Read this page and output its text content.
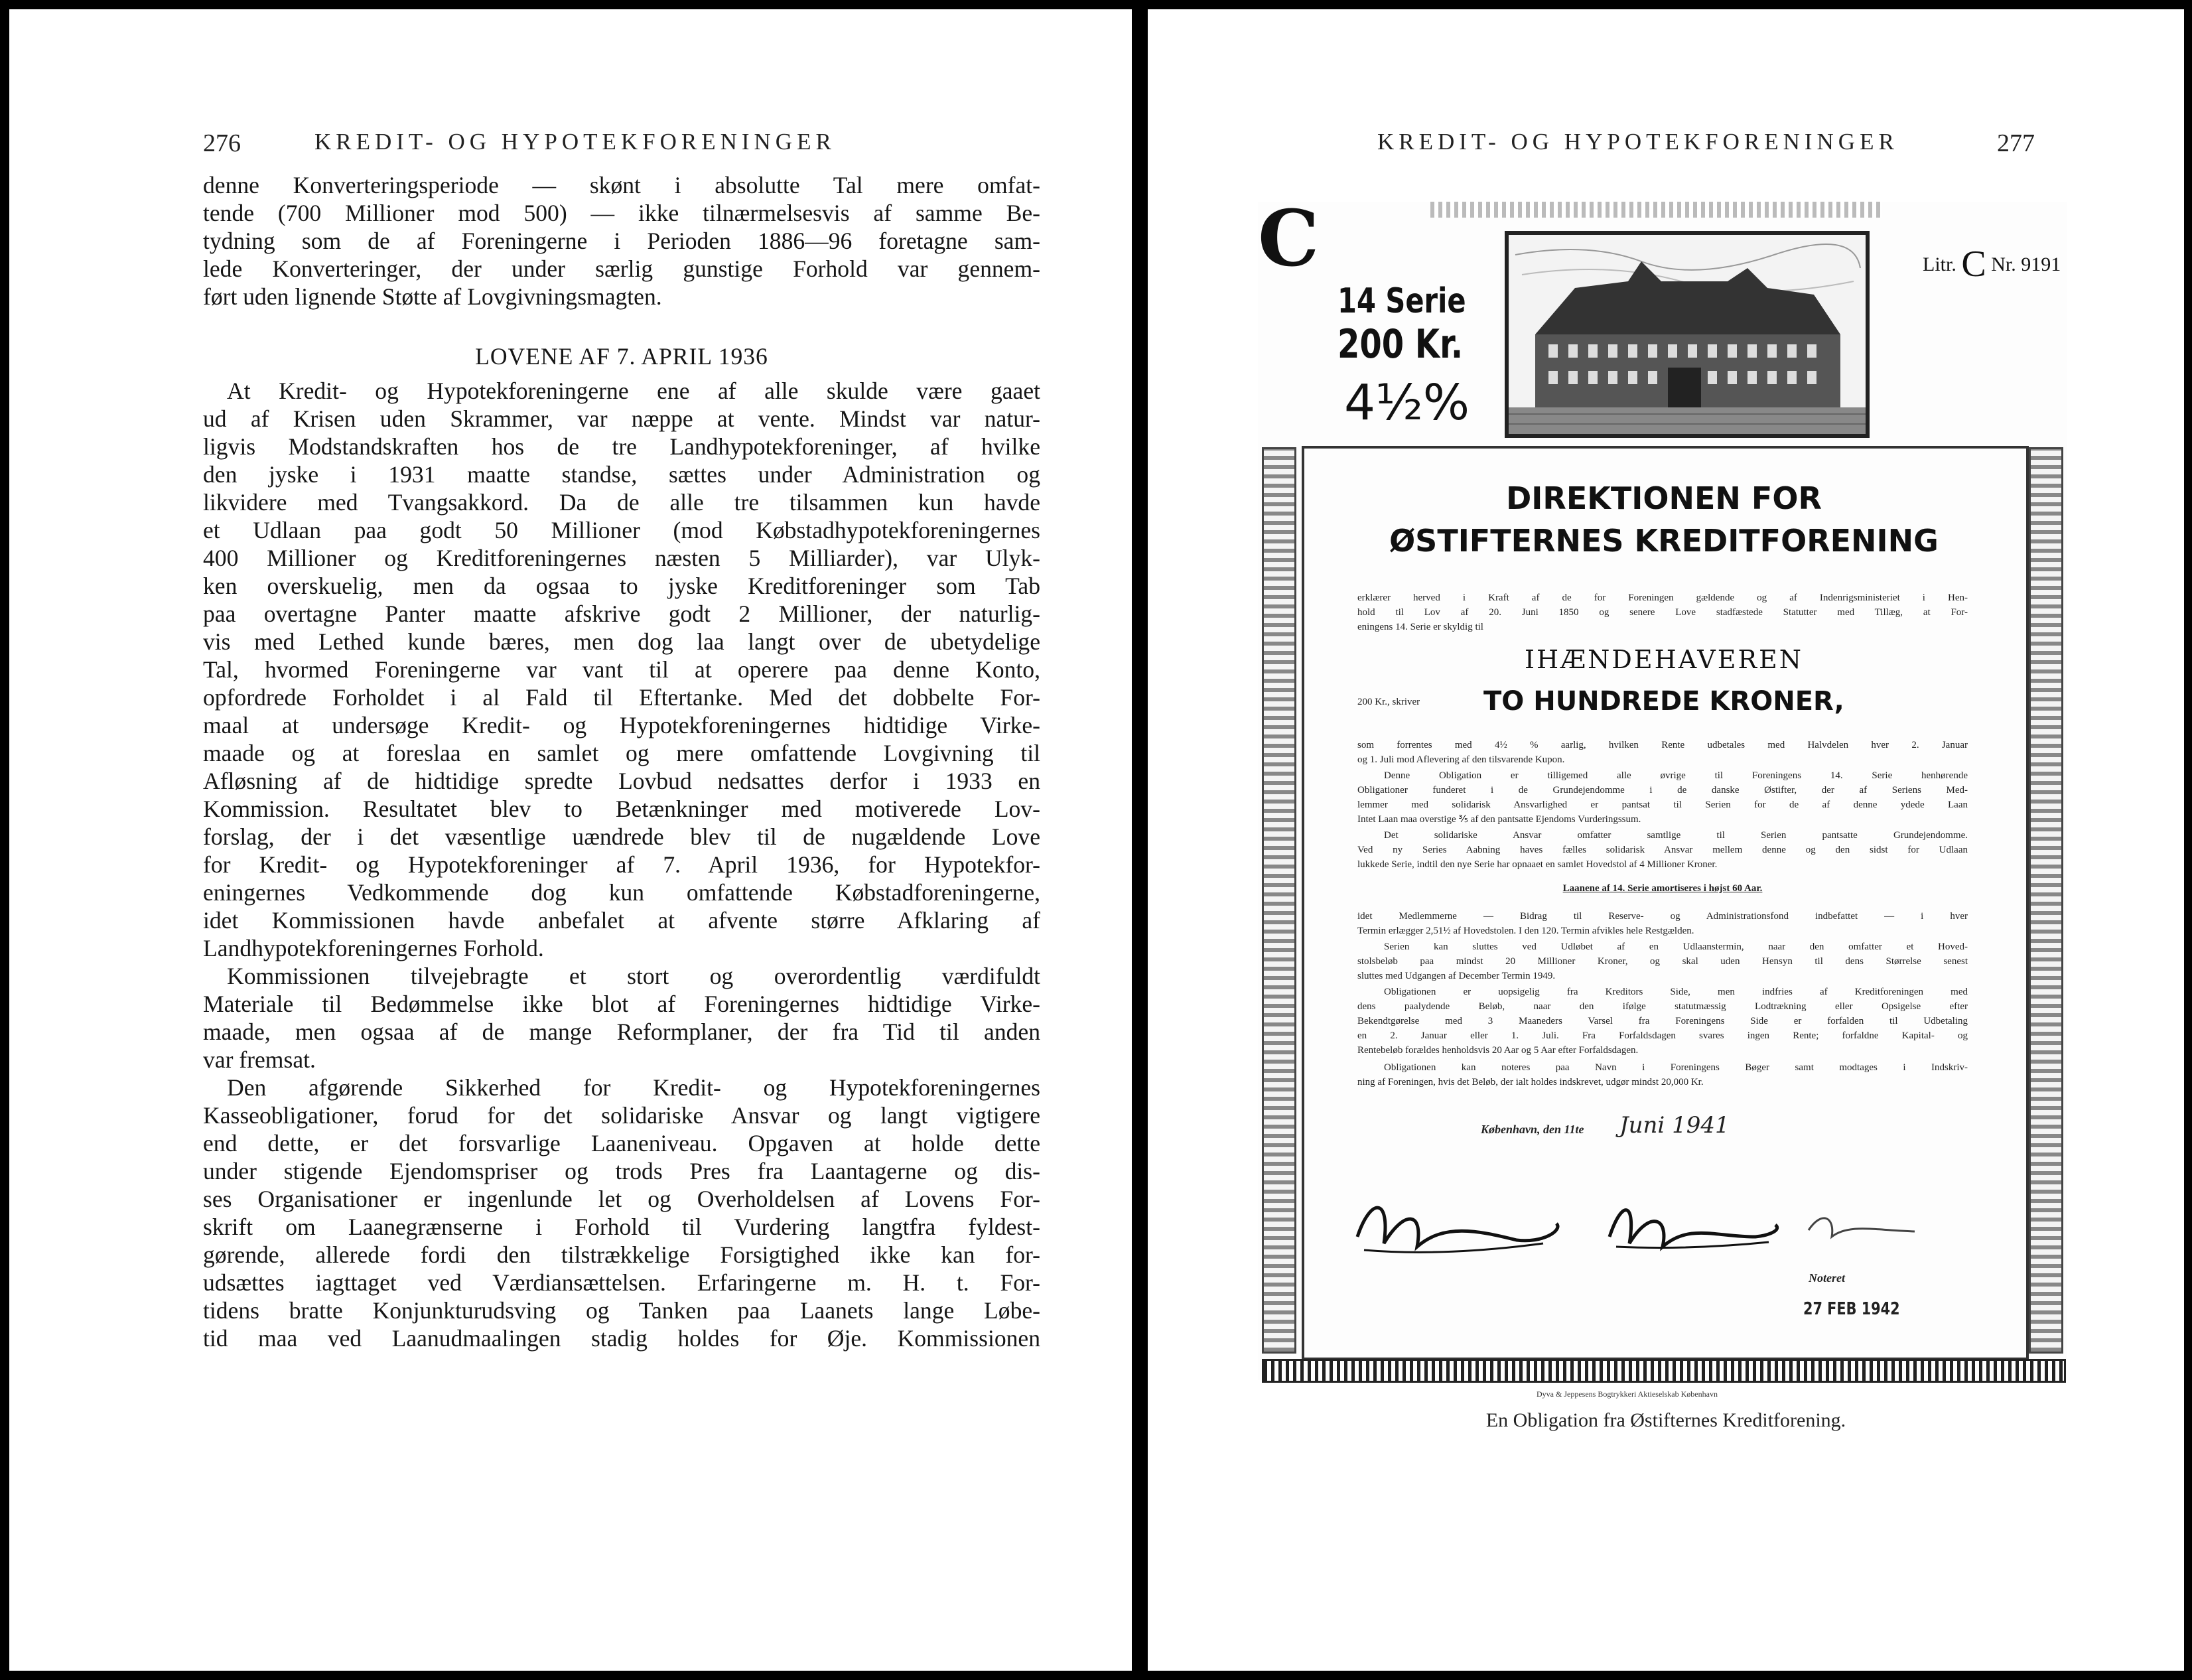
276	KREDIT- OG HYPOTEKFORENINGER
denne Konverteringsperiode — skønt i absolutte Tal mere omfat-
tende (700 Millioner mod 500) — ikke tilnærmelsesvis af samme Be-
tydning som de af Foreningerne i Perioden 1886—96 foretagne sam-
lede Konverteringer, der under særlig gunstige Forhold var gennem-
ført uden lignende Støtte af Lovgivningsmagten.
LOVENE AF 7. APRIL 1936
At Kredit- og Hypotekforeningerne ene af alle skulde være gaaet
ud af Krisen uden Skrammer, var næppe at vente. Mindst var natur-
ligvis Modstandskraften hos de tre Landhypotekforeninger, af hvilke
den jyske i 1931 maatte standse, sættes under Administration og
likvidere med Tvangsakkord. Da de alle tre tilsammen kun havde
et Udlaan paa godt 50 Millioner (mod Købstadhypotekforeningernes
400 Millioner og Kreditforeningernes næsten 5 Milliarder), var Ulyk-
ken overskuelig, men da ogsaa to jyske Kreditforeninger som Tab
paa overtagne Panter maatte afskrive godt 2 Millioner, der naturlig-
vis med Lethed kunde bæres, men dog laa langt over de ubetydelige
Tal, hvormed Foreningerne var vant til at operere paa denne Konto,
opfordrede Forholdet i al Fald til Eftertanke. Med det dobbelte For-
maal at undersøge Kredit- og Hypotekforeningernes hidtidige Virke-
maade og at foreslaa en samlet og mere omfattende Lovgivning til
Afløsning af de hidtidige spredte Lovbud nedsattes derfor i 1933 en
Kommission. Resultatet blev to Betænkninger med motiverede Lov-
forslag, der i det væsentlige uændrede blev til de nugældende Love
for Kredit- og Hypotekforeninger af 7. April 1936, for Hypotekfor-
eningernes Vedkommende dog kun omfattende Købstadforeningerne,
idet Kommissionen havde anbefalet at afvente større Afklaring af
Landhypotekforeningernes Forhold.
Kommissionen tilvejebragte et stort og overordentlig værdifuldt
Materiale til Bedømmelse ikke blot af Foreningernes hidtidige Virke-
maade, men ogsaa af de mange Reformplaner, der fra Tid til anden
var fremsat.
Den afgørende Sikkerhed for Kredit- og Hypotekforeningernes
Kasseobligationer, forud for det solidariske Ansvar og langt vigtigere
end dette, er det forsvarlige Laaneniveau. Opgaven at holde dette
under stigende Ejendomspriser og trods Pres fra Laantagerne og dis-
ses Organisationer er ingenlunde let og Overholdelsen af Lovens For-
skrift om Laanegrænserne i Forhold til Vurdering langtfra fyldest-
gørende, allerede fordi den tilstrækkelige Forsigtighed ikke kan for-
udsættes iagttaget ved Værdiansættelsen. Erfaringerne m. H. t. For-
tidens bratte Konjunkturudsving og Tanken paa Laanets lange Løbe-
tid maa ved Laanudmaalingen stadig holdes for Øje. Kommissionen
KREDIT- OG HYPOTEKFORENINGER	277
C
14 Serie
200 Kr.
4½%
Litr. C Nr. 9191
DIREKTIONEN FOR
ØSTIFTERNES KREDITFORENING
erklærer herved i Kraft af de for Foreningen gældende og af Indenrigsministeriet i Hen-
hold til Lov af 20. Juni 1850 og senere Love stadfæstede Statutter med Tillæg, at For-
eningens 14. Serie er skyldig til
IHÆNDEHAVEREN
200 Kr., skriver TO HUNDREDE KRONER,
som forrentes med 4½ % aarlig, hvilken Rente udbetales med Halvdelen hver 2. Januar
og 1. Juli mod Aflevering af den tilsvarende Kupon.
Denne Obligation er tilligemed alle øvrige til Foreningens 14. Serie henhørende
Obligationer funderet i de Grundejendomme i de danske Østifter, der af Seriens Med-
lemmer med solidarisk Ansvarlighed er pantsat til Serien for de af denne ydede Laan
Intet Laan maa overstige ⅗ af den pantsatte Ejendoms Vurderingssum.
Det solidariske Ansvar omfatter samtlige til Serien pantsatte Grundejendomme.
Ved ny Series Aabning haves fælles solidarisk Ansvar mellem denne og den sidst for Udlaan
lukkede Serie, indtil den nye Serie har opnaaet en samlet Hovedstol af 4 Millioner Kroner.
Laanene af 14. Serie amortiseres i højst 60 Aar.
idet Medlemmerne — Bidrag til Reserve- og Administrationsfond indbefattet — i hver
Termin erlægger 2,51½ af Hovedstolen. I den 120. Termin afvikles hele Restgælden.
Serien kan sluttes ved Udløbet af en Udlaanstermin, naar den omfatter et Hoved-
stolsbeløb paa mindst 20 Millioner Kroner, og skal uden Hensyn til dens Størrelse senest
sluttes med Udgangen af December Termin 1949.
Obligationen er uopsigelig fra Kreditors Side, men indfries af Kreditforeningen med
dens paalydende Beløb, naar den ifølge statutmæssig Lodtrækning eller Opsigelse efter
Bekendtgørelse med 3 Maaneders Varsel fra Foreningens Side er forfalden til Udbetaling
en 2. Januar eller 1. Juli. Fra Forfaldsdagen svares ingen Rente; forfaldne Kapital- og
Rentebeløb forældes henholdsvis 20 Aar og 5 Aar efter Forfaldsdagen.
Obligationen kan noteres paa Navn i Foreningens Bøger samt modtages i Indskriv-
ning af Foreningen, hvis det Beløb, der ialt holdes indskrevet, udgør mindst 20,000 Kr.
København, den 11te Juni 1941
Noteret
27 FEB 1942
Dyva & Jeppesens Bogtrykkeri Aktieselskab København
En Obligation fra Østifternes Kreditforening.
